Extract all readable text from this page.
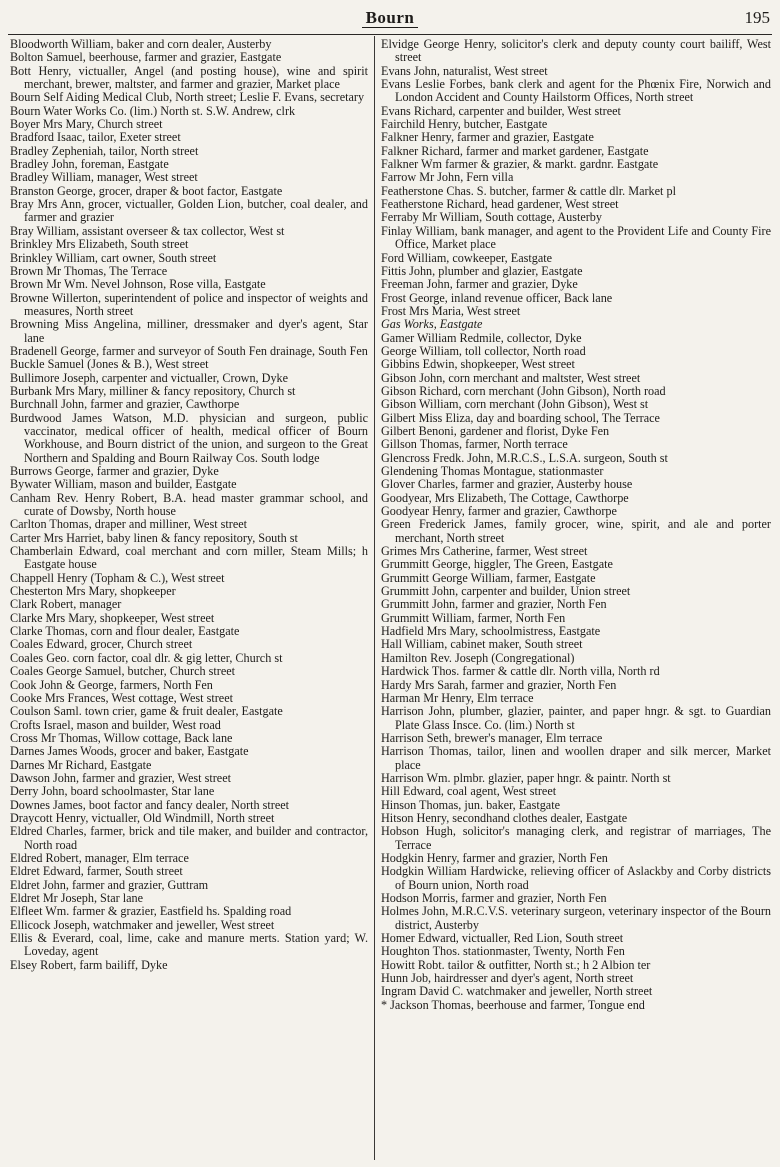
Bourn	195
Bloodworth William, baker and corn dealer, Austerby
Bolton Samuel, beerhouse, farmer and grazier, Eastgate
Bott Henry, victualler, Angel (and posting house), wine and spirit merchant, brewer, maltster, and farmer and grazier, Market place
Bourn Self Aiding Medical Club, North street; Leslie F. Evans, secretary
Bourn Water Works Co. (lim.) North st. S.W. Andrew, clrk
Boyer Mrs Mary, Church street
Bradford Isaac, tailor, Exeter street
Bradley Zepheniah, tailor, North street
Bradley John, foreman, Eastgate
Bradley William, manager, West street
Branston George, grocer, draper & boot factor, Eastgate
Bray Mrs Ann, grocer, victualler, Golden Lion, butcher, coal dealer, and farmer and grazier
Bray William, assistant overseer & tax collector, West st
Brinkley Mrs Elizabeth, South street
Brinkley William, cart owner, South street
Brown Mr Thomas, The Terrace
Brown Mr Wm. Nevel Johnson, Rose villa, Eastgate
Browne Willerton, superintendent of police and inspector of weights and measures, North street
Browning Miss Angelina, milliner, dressmaker and dyer's agent, Star lane
Bradenell George, farmer and surveyor of South Fen drainage, South Fen
Buckle Samuel (Jones & B.), West street
Bullimore Joseph, carpenter and victualler, Crown, Dyke
Burbank Mrs Mary, milliner & fancy repository, Church st
Burchnall John, farmer and grazier, Cawthorpe
Burdwood James Watson, M.D. physician and surgeon, public vaccinator, medical officer of health, medical officer of Bourn Workhouse, and Bourn district of the union, and surgeon to the Great Northern and Spalding and Bourn Railway Cos. South lodge
Burrows George, farmer and grazier, Dyke
Bywater William, mason and builder, Eastgate
Canham Rev. Henry Robert, B.A. head master grammar school, and curate of Dowsby, North house
Carlton Thomas, draper and milliner, West street
Carter Mrs Harriet, baby linen & fancy repository, South st
Chamberlain Edward, coal merchant and corn miller, Steam Mills; h Eastgate house
Chappell Henry (Topham & C.), West street
Chesterton Mrs Mary, shopkeeper
Clark Robert, manager
Clarke Mrs Mary, shopkeeper, West street
Clarke Thomas, corn and flour dealer, Eastgate
Coales Edward, grocer, Church street
Coales Geo. corn factor, coal dlr. & gig letter, Church st
Coales George Samuel, butcher, Church street
Cook John & George, farmers, North Fen
Cooke Mrs Frances, West cottage, West street
Coulson Saml. town crier, game & fruit dealer, Eastgate
Crofts Israel, mason and builder, West road
Cross Mr Thomas, Willow cottage, Back lane
Darnes James Woods, grocer and baker, Eastgate
Darnes Mr Richard, Eastgate
Dawson John, farmer and grazier, West street
Derry John, board schoolmaster, Star lane
Downes James, boot factor and fancy dealer, North street
Draycott Henry, victualler, Old Windmill, North street
Eldred Charles, farmer, brick and tile maker, and builder and contractor, North road
Eldred Robert, manager, Elm terrace
Eldret Edward, farmer, South street
Eldret John, farmer and grazier, Guttram
Eldret Mr Joseph, Star lane
Elfleet Wm. farmer & grazier, Eastfield hs. Spalding road
Ellicock Joseph, watchmaker and jeweller, West street
Ellis & Everard, coal, lime, cake and manure merts. Station yard; W. Loveday, agent
Elsey Robert, farm bailiff, Dyke
Elvidge George Henry, solicitor's clerk and deputy county court bailiff, West street
Evans John, naturalist, West street
Evans Leslie Forbes, bank clerk and agent for the Phœnix Fire, Norwich and London Accident and County Hailstorm Offices, North street
Evans Richard, carpenter and builder, West street
Fairchild Henry, butcher, Eastgate
Falkner Henry, farmer and grazier, Eastgate
Falkner Richard, farmer and market gardener, Eastgate
Falkner Wm farmer & grazier, & markt. gardnr. Eastgate
Farrow Mr John, Fern villa
Featherstone Chas. S. butcher, farmer & cattle dlr. Market pl
Featherstone Richard, head gardener, West street
Ferraby Mr William, South cottage, Austerby
Finlay William, bank manager, and agent to the Provident Life and County Fire Office, Market place
Ford William, cowkeeper, Eastgate
Fittis John, plumber and glazier, Eastgate
Freeman John, farmer and grazier, Dyke
Frost George, inland revenue officer, Back lane
Frost Mrs Maria, West street
Gas Works, Eastgate
Gamer William Redmile, collector, Dyke
George William, toll collector, North road
Gibbins Edwin, shopkeeper, West street
Gibson John, corn merchant and maltster, West street
Gibson Richard, corn merchant (John Gibson), North road
Gibson William, corn merchant (John Gibson), West st
Gilbert Miss Eliza, day and boarding school, The Terrace
Gilbert Benoni, gardener and florist, Dyke Fen
Gillson Thomas, farmer, North terrace
Glencross Fredk. John, M.R.C.S., L.S.A. surgeon, South st
Glendening Thomas Montague, stationmaster
Glover Charles, farmer and grazier, Austerby house
Goodyear, Mrs Elizabeth, The Cottage, Cawthorpe
Goodyear Henry, farmer and grazier, Cawthorpe
Green Frederick James, family grocer, wine, spirit, and ale and porter merchant, North street
Grimes Mrs Catherine, farmer, West street
Grummitt George, higgler, The Green, Eastgate
Grummitt George William, farmer, Eastgate
Grummitt John, carpenter and builder, Union street
Grummitt John, farmer and grazier, North Fen
Grummitt William, farmer, North Fen
Hadfield Mrs Mary, schoolmistress, Eastgate
Hall William, cabinet maker, South street
Hamilton Rev. Joseph (Congregational)
Hardwick Thos. farmer & cattle dlr. North villa, North rd
Hardy Mrs Sarah, farmer and grazier, North Fen
Harman Mr Henry, Elm terrace
Harrison John, plumber, glazier, painter, and paper hngr. & sgt. to Guardian Plate Glass Insce. Co. (lim.) North st
Harrison Seth, brewer's manager, Elm terrace
Harrison Thomas, tailor, linen and woollen draper and silk mercer, Market place
Harrison Wm. plmbr. glazier, paper hngr. & paintr. North st
Hill Edward, coal agent, West street
Hinson Thomas, jun. baker, Eastgate
Hitson Henry, secondhand clothes dealer, Eastgate
Hobson Hugh, solicitor's managing clerk, and registrar of marriages, The Terrace
Hodgkin Henry, farmer and grazier, North Fen
Hodgkin William Hardwicke, relieving officer of Aslackby and Corby districts of Bourn union, North road
Hodson Morris, farmer and grazier, North Fen
Holmes John, M.R.C.V.S. veterinary surgeon, veterinary inspector of the Bourn district, Austerby
Homer Edward, victualler, Red Lion, South street
Houghton Thos. stationmaster, Twenty, North Fen
Howitt Robt. tailor & outfitter, North st.; h 2 Albion ter
Hunn Job, hairdresser and dyer's agent, North street
Ingram David C. watchmaker and jeweller, North street
* Jackson Thomas, beerhouse and farmer, Tongue end
